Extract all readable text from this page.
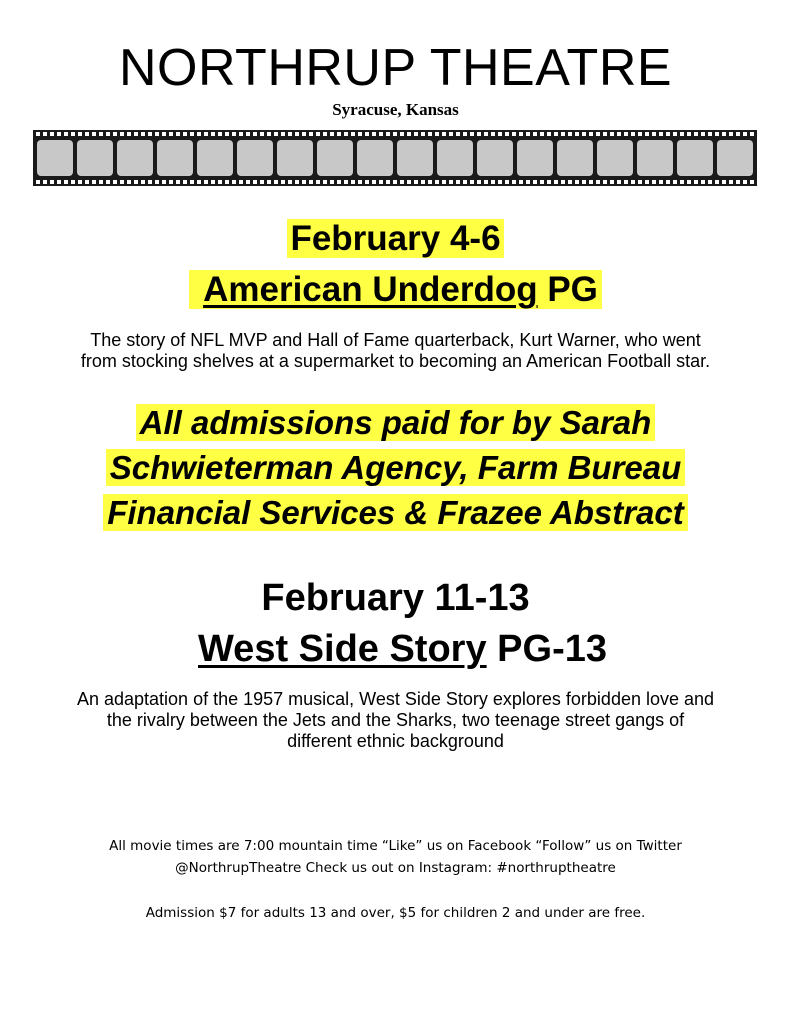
NORTHRUP THEATRE
Syracuse, Kansas
February 4-6
American Underdog PG
The story of NFL MVP and Hall of Fame quarterback, Kurt Warner, who went
from stocking shelves at a supermarket to becoming an American Football star.
All admissions paid for by Sarah
Schwieterman Agency, Farm Bureau
Financial Services & Frazee Abstract
February 11-13
West Side Story PG-13
An adaptation of the 1957 musical, West Side Story explores forbidden love and
the rivalry between the Jets and the Sharks, two teenage street gangs of
different ethnic background
All movie times are 7:00 mountain time “Like” us on Facebook “Follow” us on Twitter
@NorthrupTheatre Check us out on Instagram: #northruptheatre
Admission $7 for adults 13 and over, $5 for children 2 and under are free.
